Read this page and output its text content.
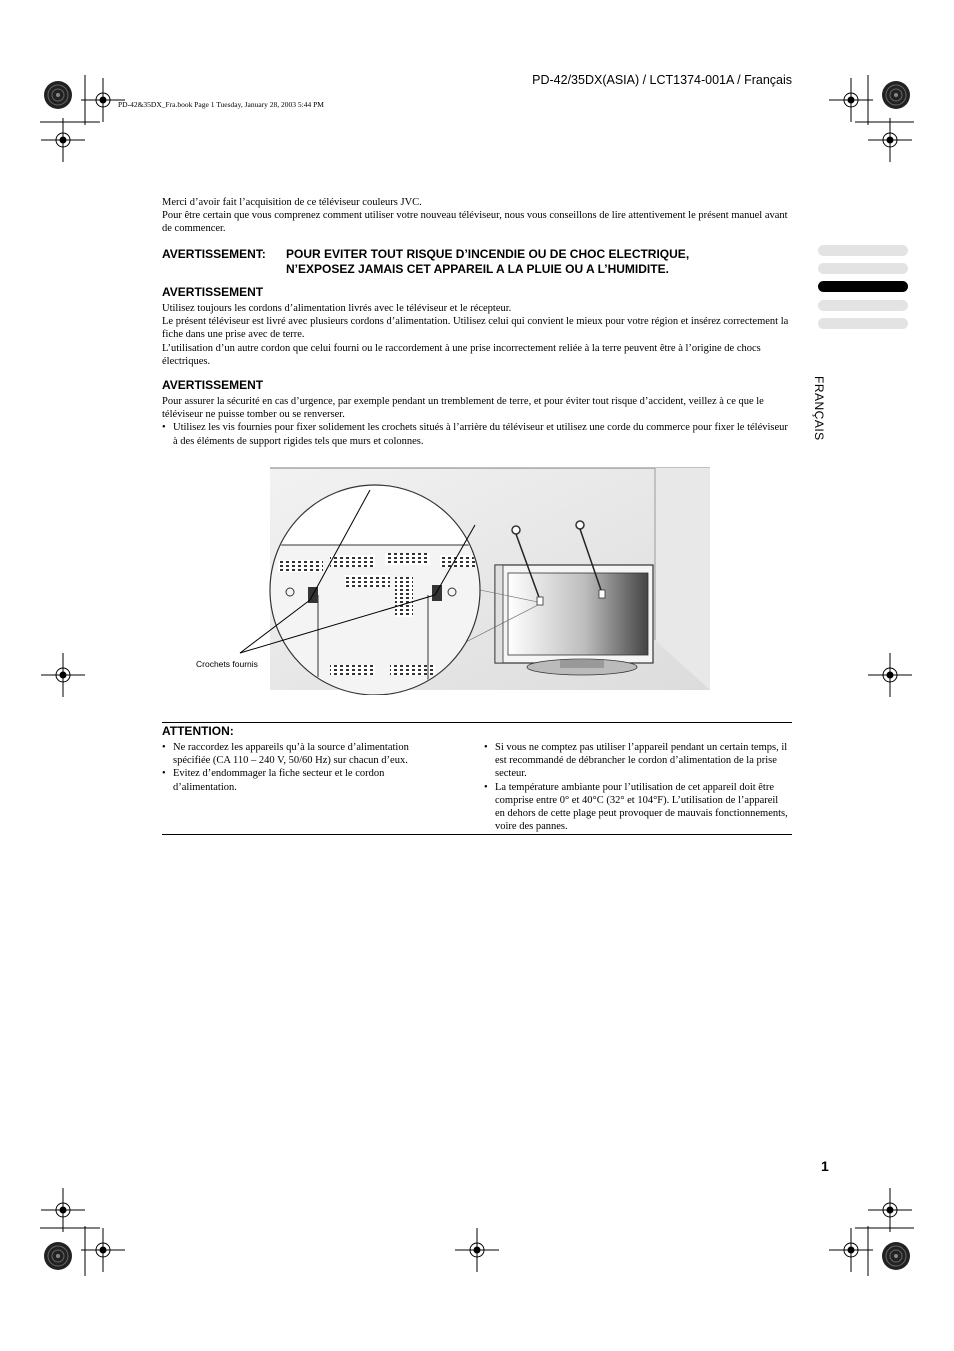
PD-42/35DX(ASIA) / LCT1374-001A / Français
PD-42&35DX_Fra.book Page 1 Tuesday, January 28, 2003 5:44 PM
Merci d’avoir fait l’acquisition de ce téléviseur couleurs JVC.
Pour être certain que vous comprenez comment utiliser votre nouveau téléviseur, nous vous conseillons de lire attentivement le présent manuel avant de commencer.
AVERTISSEMENT: POUR EVITER TOUT RISQUE D’INCENDIE OU DE CHOC ELECTRIQUE,
N’EXPOSEZ JAMAIS CET APPAREIL A LA PLUIE OU A L’HUMIDITE.
AVERTISSEMENT
Utilisez toujours les cordons d’alimentation livrés avec le téléviseur et le récepteur.
Le présent téléviseur est livré avec plusieurs cordons d’alimentation. Utilisez celui qui convient le mieux pour votre région et insérez correctement la fiche dans une prise avec de terre.
L’utilisation d’un autre cordon que celui fourni ou le raccordement à une prise incorrectement reliée à la terre peuvent être à l’origine de chocs électriques.
AVERTISSEMENT
Pour assurer la sécurité en cas d’urgence, par exemple pendant un tremblement de terre, et pour éviter tout risque d’accident, veillez à ce que le téléviseur ne puisse tomber ou se renverser.
• Utilisez les vis fournies pour fixer solidement les crochets situés à l’arrière du téléviseur et utilisez une corde du commerce pour fixer le téléviseur à des éléments de support rigides tels que murs et colonnes.
Crochets fournis
ATTENTION:
• Ne raccordez les appareils qu’à la source d’alimentation spécifiée (CA 110 – 240 V, 50/60 Hz) sur chacun d’eux.
• Evitez d’endommager la fiche secteur et le cordon d’alimentation.
• Si vous ne comptez pas utiliser l’appareil pendant un certain temps, il est recommandé de débrancher le cordon d’alimentation de la prise secteur.
• La température ambiante pour l’utilisation de cet appareil doit être comprise entre 0° et 40°C (32° et 104°F). L’utilisation de l’appareil en dehors de cette plage peut provoquer de mauvais fonctionnements, voire des pannes.
FRANÇAIS
1
